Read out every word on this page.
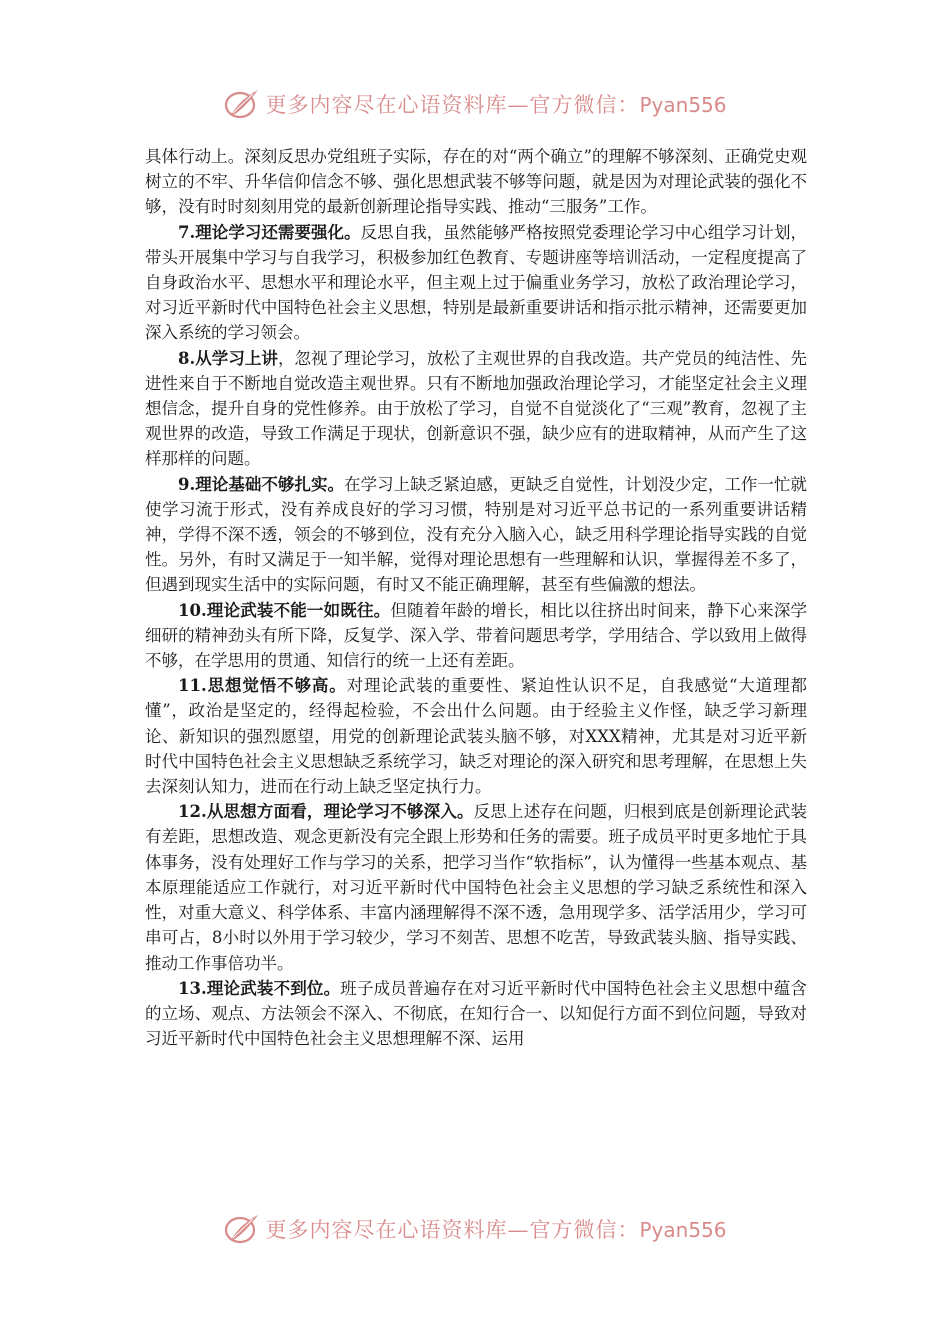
更多内容尽在心语资料库—官方微信：Pyan556

具体行动上。深刻反思办党组班子实际，存在的对“两个确立”的理解不够深刻、正确党史观树立的不牢、升华信仰信念不够、强化思想武装不够等问题，就是因为对理论武装的强化不够，没有时时刻刻用党的最新创新理论指导实践、推动“三服务”工作。

7.理论学习还需要强化。反思自我，虽然能够严格按照党委理论学习中心组学习计划，带头开展集中学习与自我学习，积极参加红色教育、专题讲座等培训活动，一定程度提高了自身政治水平、思想水平和理论水平，但主观上过于偏重业务学习，放松了政治理论学习，对习近平新时代中国特色社会主义思想，特别是最新重要讲话和指示批示精神，还需要更加深入系统的学习领会。

8.从学习上讲，忽视了理论学习，放松了主观世界的自我改造。共产党员的纯洁性、先进性来自于不断地自觉改造主观世界。只有不断地加强政治理论学习，才能坚定社会主义理想信念，提升自身的党性修养。由于放松了学习，自觉不自觉淡化了“三观”教育，忽视了主观世界的改造，导致工作满足于现状，创新意识不强，缺少应有的进取精神，从而产生了这样那样的问题。

9.理论基础不够扎实。在学习上缺乏紧迫感，更缺乏自觉性，计划没少定，工作一忙就使学习流于形式，没有养成良好的学习习惯，特别是对习近平总书记的一系列重要讲话精神，学得不深不透，领会的不够到位，没有充分入脑入心，缺乏用科学理论指导实践的自觉性。另外，有时又满足于一知半解，觉得对理论思想有一些理解和认识，掌握得差不多了，但遇到现实生活中的实际问题，有时又不能正确理解，甚至有些偏激的想法。

10.理论武装不能一如既往。但随着年龄的增长，相比以往挤出时间来，静下心来深学细研的精神劲头有所下降，反复学、深入学、带着问题思考学，学用结合、学以致用上做得不够，在学思用的贯通、知信行的统一上还有差距。

11.思想觉悟不够高。对理论武装的重要性、紧迫性认识不足，自我感觉“大道理都懂”，政治是坚定的，经得起检验，不会出什么问题。由于经验主义作怪，缺乏学习新理论、新知识的强烈愿望，用党的创新理论武装头脑不够，对XXX精神，尤其是对习近平新时代中国特色社会主义思想缺乏系统学习，缺乏对理论的深入研究和思考理解，在思想上失去深刻认知力，进而在行动上缺乏坚定执行力。

12.从思想方面看，理论学习不够深入。反思上述存在问题，归根到底是创新理论武装有差距，思想改造、观念更新没有完全跟上形势和任务的需要。班子成员平时更多地忙于具体事务，没有处理好工作与学习的关系，把学习当作“软指标”，认为懂得一些基本观点、基本原理能适应工作就行，对习近平新时代中国特色社会主义思想的学习缺乏系统性和深入性，对重大意义、科学体系、丰富内涵理解得不深不透，急用现学多、活学活用少，学习可串可占，8小时以外用于学习较少，学习不刻苦、思想不吃苦，导致武装头脑、指导实践、推动工作事倍功半。

13.理论武装不到位。班子成员普遍存在对习近平新时代中国特色社会主义思想中蕴含的立场、观点、方法领会不深入、不彻底，在知行合一、以知促行方面不到位问题，导致对习近平新时代中国特色社会主义思想理解不深、运用

更多内容尽在心语资料库—官方微信：Pyan556
